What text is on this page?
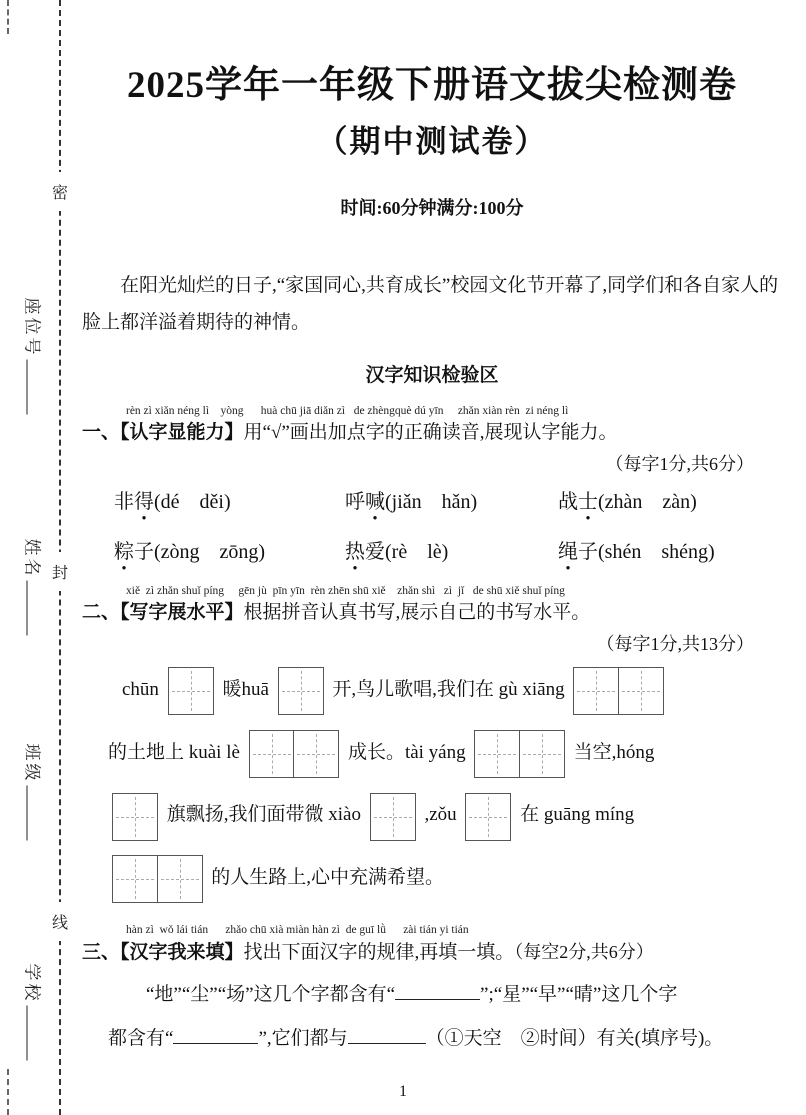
密
封
线
座位号
姓名
班级
学校
2025学年一年级下册语文拔尖检测卷
（期中测试卷）
时间:60分钟满分:100分

在阳光灿烂的日子,“家国同心,共育成长”校园文化节开幕了,同学们和各自家人的脸上都洋溢着期待的神情。

汉字知识检验区
rèn zì xiǎn néng lì    yòng      huà chū jiā diǎn zì   de zhèngquè dú yīn     zhǎn xiàn rèn  zi néng lì
一、【认字显能力】用“√”画出加点字的正确读音,展现认字能力。
（每字1分,共6分）
非得 ●(dé　děi)	呼喊 ●(jiǎn　hǎn)	战士 ●(zhàn　zàn)
粽 ●子(zòng　zōng)	热 ●爱(rè　lè)	绳 ●子(shén　shéng)
xiě  zì zhǎn shuǐ píng     gēn jù  pīn yīn  rèn zhēn shū xiě    zhǎn shì   zì  jǐ   de shū xiě shuǐ píng
二、【写字展水平】根据拼音认真书写,展示自己的书写水平。
（每字1分,共13分）
chūn	暖huā	开,鸟儿歌唱,我们在 gù xiāng
的土地上 kuài lè	成长。tài yáng	当空,hóng
旗飘扬,我们面带微 xiào	,zǒu	在 guāng míng
的人生路上,心中充满希望。
hàn zì  wǒ lái tián      zhǎo chū xià miàn hàn zì  de guī lǜ      zài tián yi tián
三、【汉字我来填】找出下面汉字的规律,再填一填。（每空2分,共6分）
“地”“尘”“场”这几个字都含有“	”;“星”“早”“晴”这几个字
都含有“	”,它们都与	（①天空　②时间）有关(填序号)。
1
